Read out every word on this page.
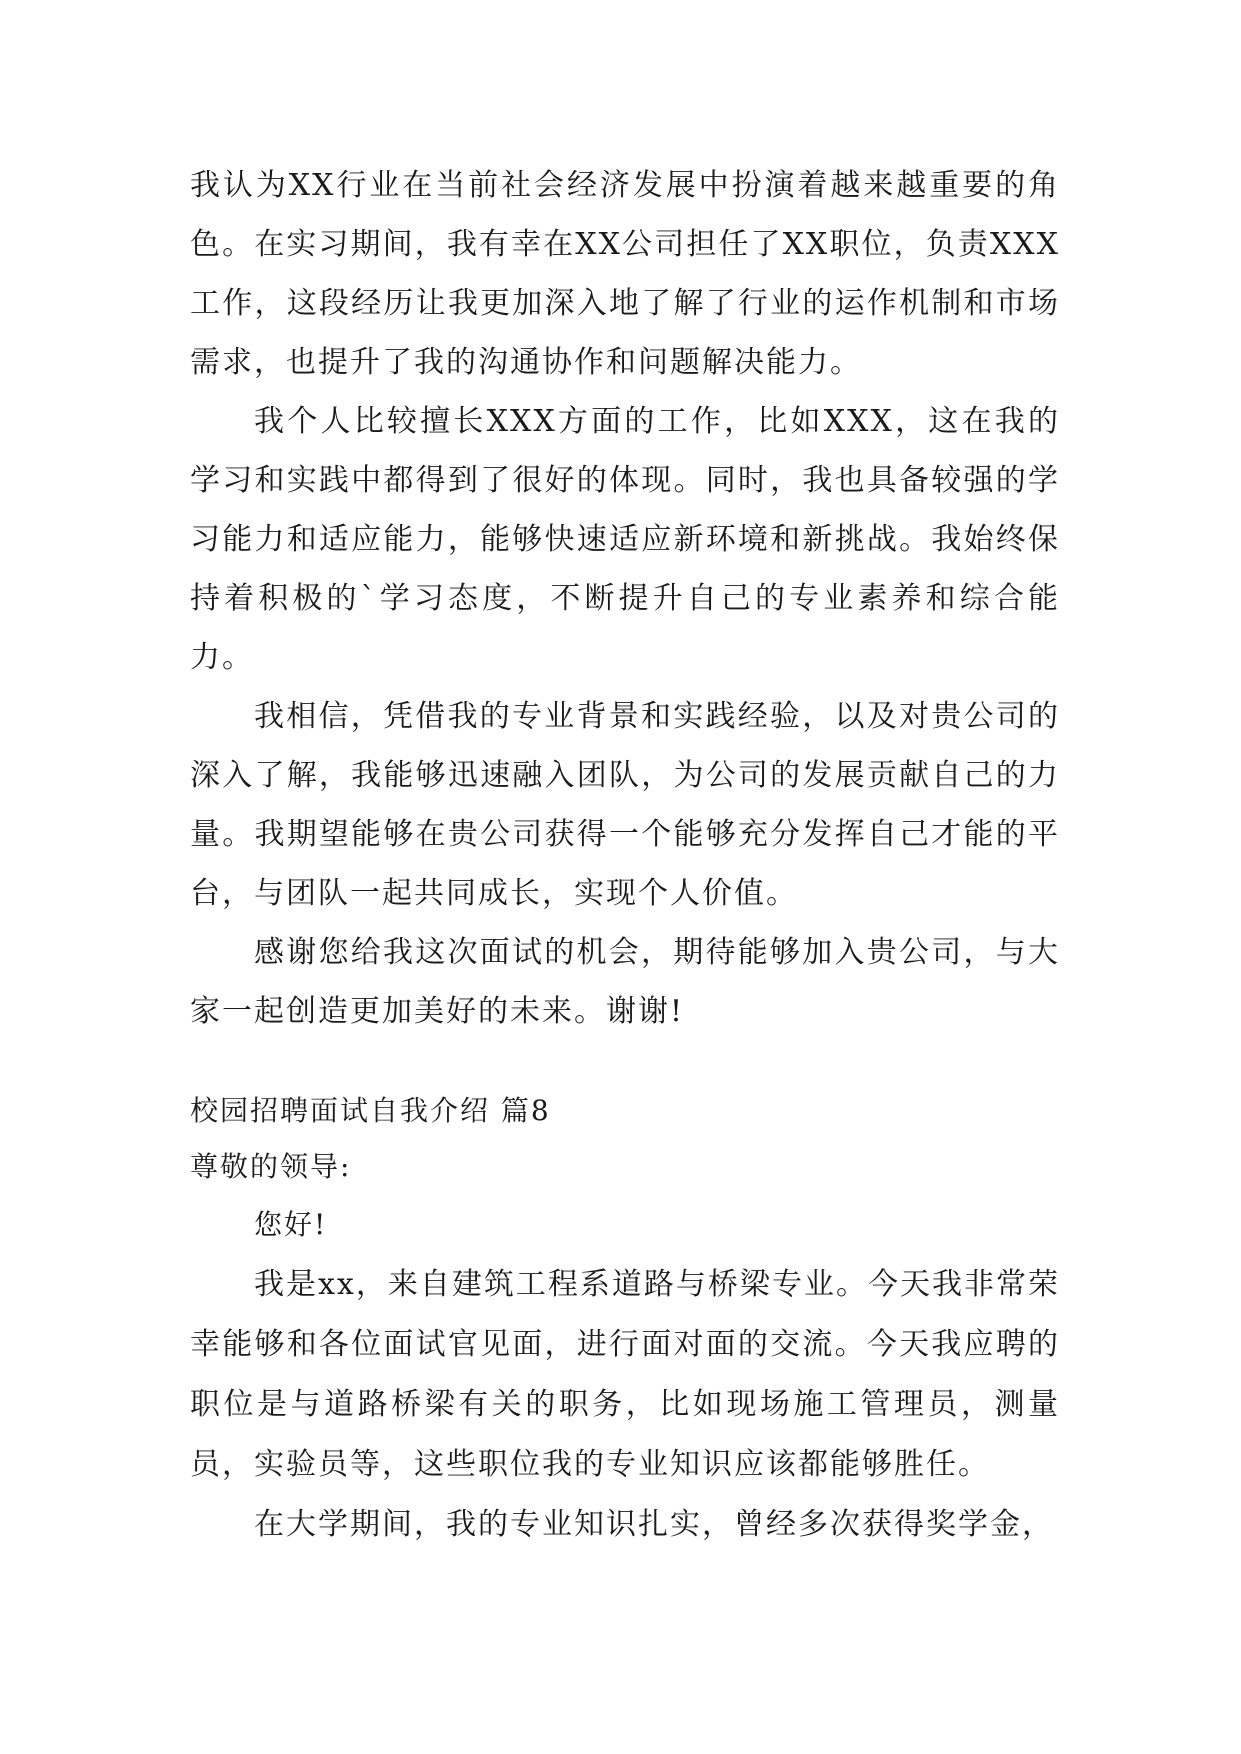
我认为XX行业在当前社会经济发展中扮演着越来越重要的角色。在实习期间，我有幸在XX公司担任了XX职位，负责XXX工作，这段经历让我更加深入地了解了行业的运作机制和市场需求，也提升了我的沟通协作和问题解决能力。

我个人比较擅长XXX方面的工作，比如XXX，这在我的学习和实践中都得到了很好的体现。同时，我也具备较强的学习能力和适应能力，能够快速适应新环境和新挑战。我始终保持着积极的`学习态度，不断提升自己的专业素养和综合能力。

我相信，凭借我的专业背景和实践经验，以及对贵公司的深入了解，我能够迅速融入团队，为公司的发展贡献自己的力量。我期望能够在贵公司获得一个能够充分发挥自己才能的平台，与团队一起共同成长，实现个人价值。

感谢您给我这次面试的机会，期待能够加入贵公司，与大家一起创造更加美好的未来。谢谢!

校园招聘面试自我介绍 篇8

尊敬的领导:

您好!

我是xx，来自建筑工程系道路与桥梁专业。今天我非常荣幸能够和各位面试官见面，进行面对面的交流。今天我应聘的职位是与道路桥梁有关的职务，比如现场施工管理员，测量员，实验员等，这些职位我的专业知识应该都能够胜任。

在大学期间，我的专业知识扎实，曾经多次获得奖学金，
